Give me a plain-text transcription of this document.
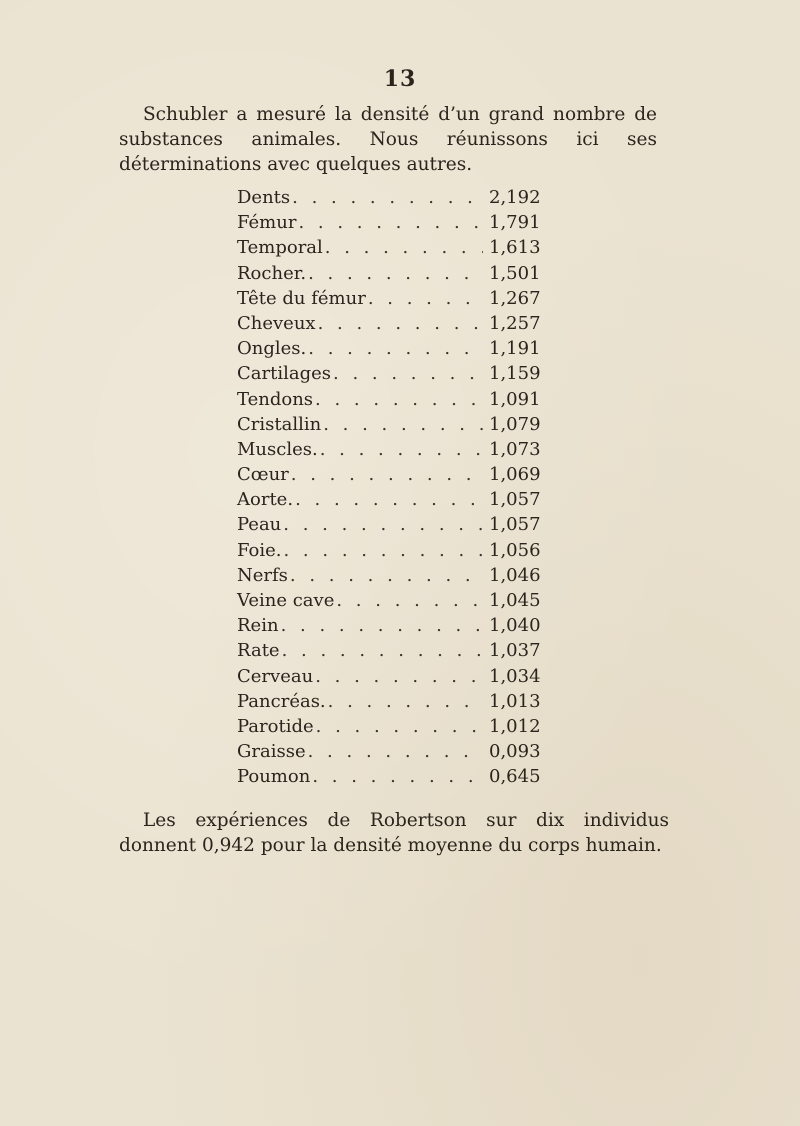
13
Schubler a mesuré la densité d’un grand nombre de substances animales. Nous réunissons ici ses déterminations avec quelques autres.
Dents . . .	2,192
Fémur . . .	1,791
Temporal . . .	1,613
Rocher. . . .	1,501
Tête du fémur . . .	1,267
Cheveux . . .	1,257
Ongles. . . .	1,191
Cartilages . . .	1,159
Tendons . . .	1,091
Cristallin . . .	1,079
Muscles. . . .	1,073
Cœur . . .	1,069
Aorte. . . .	1,057
Peau . . .	1,057
Foie. . . .	1,056
Nerfs . . .	1,046
Veine cave . . .	1,045
Rein . . .	1,040
Rate . . .	1,037
Cerveau . . .	1,034
Pancréas. . . .	1,013
Parotide . . .	1,012
Graisse . . .	0,093
Poumon . . .	0,645
Les expériences de Robertson sur dix individus donnent 0,942 pour la densité moyenne du corps humain.
